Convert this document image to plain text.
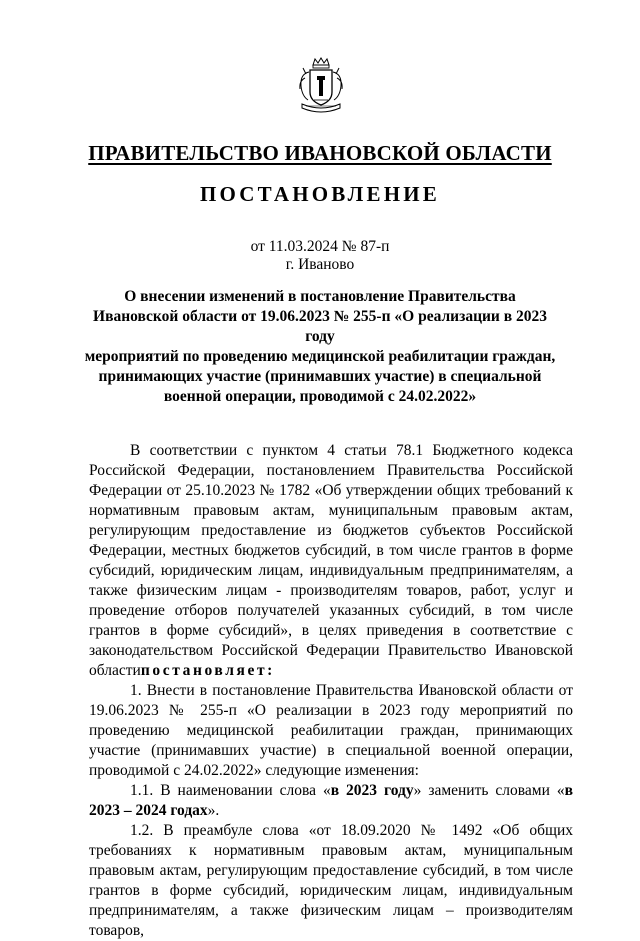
ПРАВИТЕЛЬСТВО ИВАНОВСКОЙ ОБЛАСТИ
ПОСТАНОВЛЕНИЕ
от 11.03.2024 № 87-п
г. Иваново
О внесении изменений в постановление Правительства
Ивановской области от 19.06.2023 № 255-п «О реализации в 2023 году
мероприятий по проведению медицинской реабилитации граждан,
принимающих участие (принимавших участие) в специальной
военной операции, проводимой с 24.02.2022»

В соответствии с пунктом 4 статьи 78.1 Бюджетного кодекса Российской Федерации, постановлением Правительства Российской Федерации от 25.10.2023 № 1782 «Об утверждении общих требований к нормативным правовым актам, муниципальным правовым актам, регулирующим предоставление из бюджетов субъектов Российской Федерации, местных бюджетов субсидий, в том числе грантов в форме субсидий, юридическим лицам, индивидуальным предпринимателям, а также физическим лицам - производителям товаров, работ, услуг и проведение отборов получателей указанных субсидий, в том числе грантов в форме субсидий», в целях приведения в соответствие с законодательством Российской Федерации Правительство Ивановской областипостановляет:

1. Внести в постановление Правительства Ивановской области от 19.06.2023 № 255-п «О реализации в 2023 году мероприятий по проведению медицинской реабилитации граждан, принимающих участие (принимавших участие) в специальной военной операции, проводимой с 24.02.2022» следующие изменения:

1.1. В наименовании слова «в 2023 году» заменить словами «в 2023 – 2024 годах».

1.2. В преамбуле слова «от 18.09.2020 № 1492 «Об общих требованиях к нормативным правовым актам, муниципальным правовым актам, регулирующим предоставление субсидий, в том числе грантов в форме субсидий, юридическим лицам, индивидуальным предпринимателям, а также физическим лицам – производителям товаров,
